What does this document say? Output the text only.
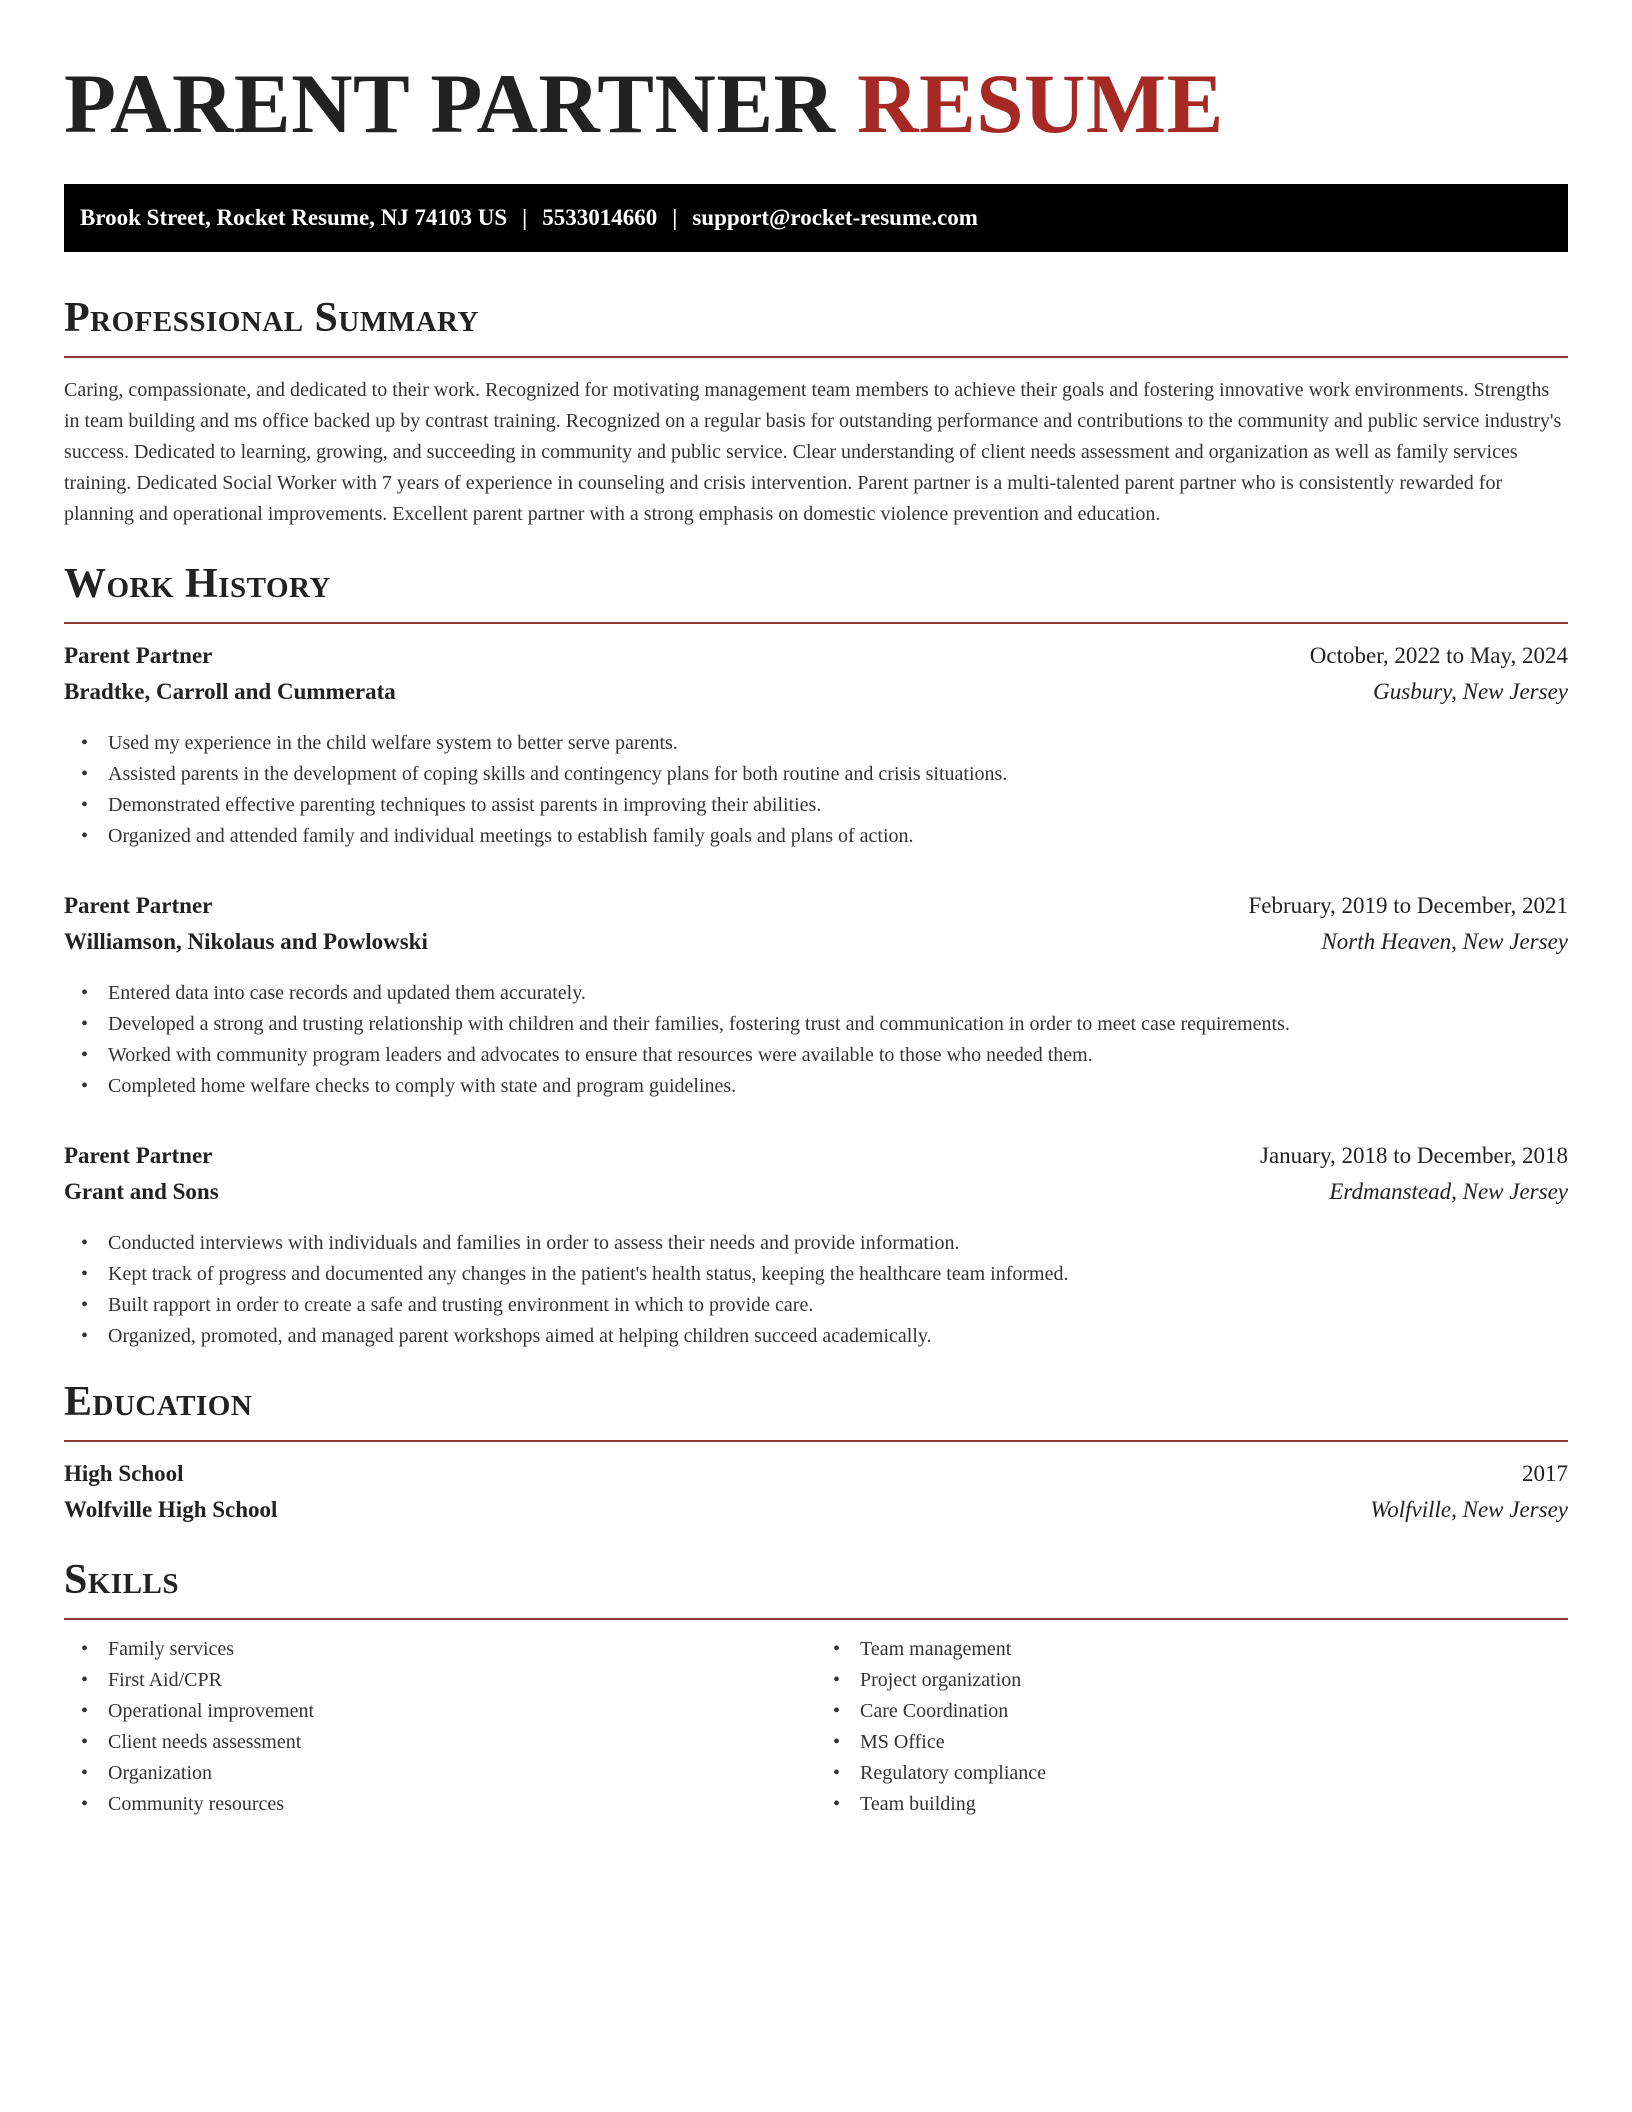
PARENT PARTNER RESUME
Brook Street, Rocket Resume, NJ 74103 US | 5533014660 | support@rocket-resume.com
Professional Summary

Caring, compassionate, and dedicated to their work. Recognized for motivating management team members to achieve their goals and fostering innovative work environments. Strengths in team building and ms office backed up by contrast training. Recognized on a regular basis for outstanding performance and contributions to the community and public service industry's success. Dedicated to learning, growing, and succeeding in community and public service. Clear understanding of client needs assessment and organization as well as family services training. Dedicated Social Worker with 7 years of experience in counseling and crisis intervention. Parent partner is a multi-talented parent partner who is consistently rewarded for planning and operational improvements. Excellent parent partner with a strong emphasis on domestic violence prevention and education.

Work History
Parent Partner	October, 2022 to May, 2024
Bradtke, Carroll and Cummerata	Gusbury, New Jersey
• Used my experience in the child welfare system to better serve parents.
• Assisted parents in the development of coping skills and contingency plans for both routine and crisis situations.
• Demonstrated effective parenting techniques to assist parents in improving their abilities.
• Organized and attended family and individual meetings to establish family goals and plans of action.
Parent Partner	February, 2019 to December, 2021
Williamson, Nikolaus and Powlowski	North Heaven, New Jersey
• Entered data into case records and updated them accurately.
• Developed a strong and trusting relationship with children and their families, fostering trust and communication in order to meet case requirements.
• Worked with community program leaders and advocates to ensure that resources were available to those who needed them.
• Completed home welfare checks to comply with state and program guidelines.
Parent Partner	January, 2018 to December, 2018
Grant and Sons	Erdmanstead, New Jersey
• Conducted interviews with individuals and families in order to assess their needs and provide information.
• Kept track of progress and documented any changes in the patient's health status, keeping the healthcare team informed.
• Built rapport in order to create a safe and trusting environment in which to provide care.
• Organized, promoted, and managed parent workshops aimed at helping children succeed academically.
Education
High School	2017
Wolfville High School	Wolfville, New Jersey
Skills
• Family services
• First Aid/CPR
• Operational improvement
• Client needs assessment
• Organization
• Community resources
• Team management
• Project organization
• Care Coordination
• MS Office
• Regulatory compliance
• Team building
